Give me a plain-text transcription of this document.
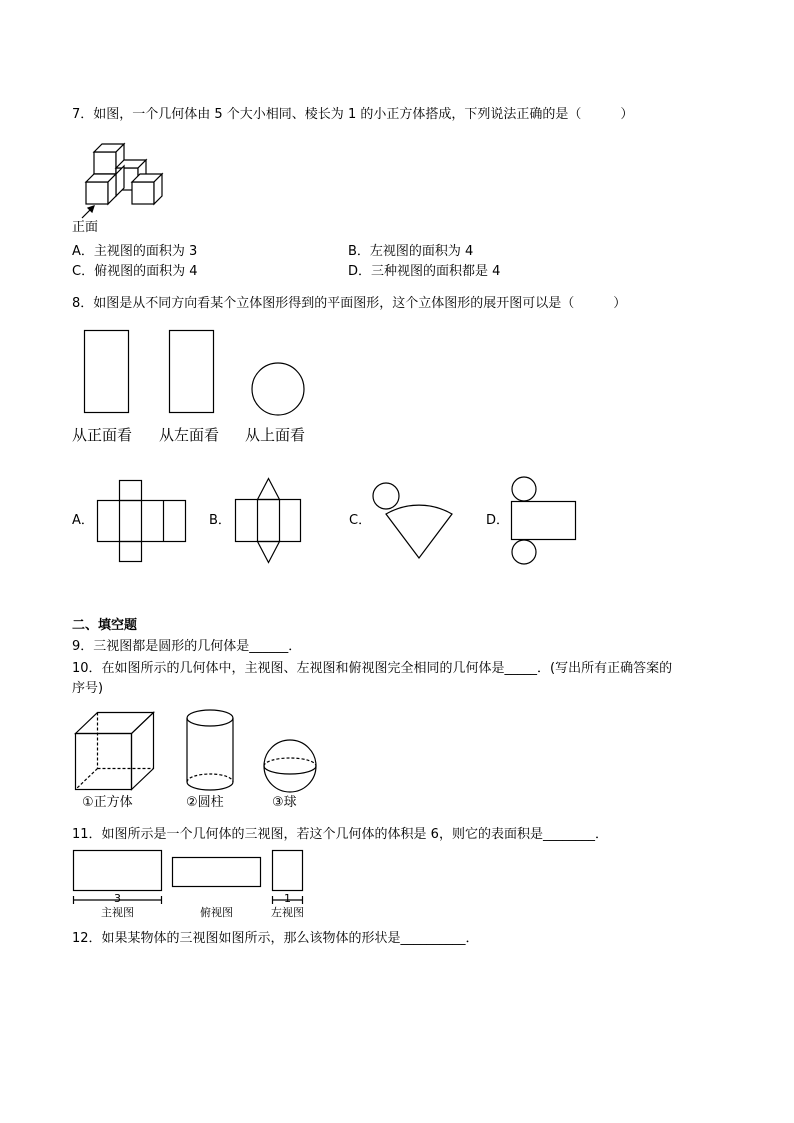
7．如图，一个几何体由 5 个大小相同、棱长为 1 的小正方体搭成，下列说法正确的是（　　　）
正面
A．主视图的面积为 3	B．左视图的面积为 4
C．俯视图的面积为 4	D．三种视图的面积都是 4
8．如图是从不同方向看某个立体图形得到的平面图形，这个立体图形的展开图可以是（　　　）
从正面看 从左面看 从上面看
A．	B．	C．	D．
二、填空题
9．三视图都是圆形的几何体是______．
10．在如图所示的几何体中，主视图、左视图和俯视图完全相同的几何体是_____．(写出所有正确答案的
序号)
①正方体	②圆柱	③球
11．如图所示是一个几何体的三视图，若这个几何体的体积是 6，则它的表面积是________．
3
主视图	俯视图
1
左视图
12．如果某物体的三视图如图所示，那么该物体的形状是__________．
